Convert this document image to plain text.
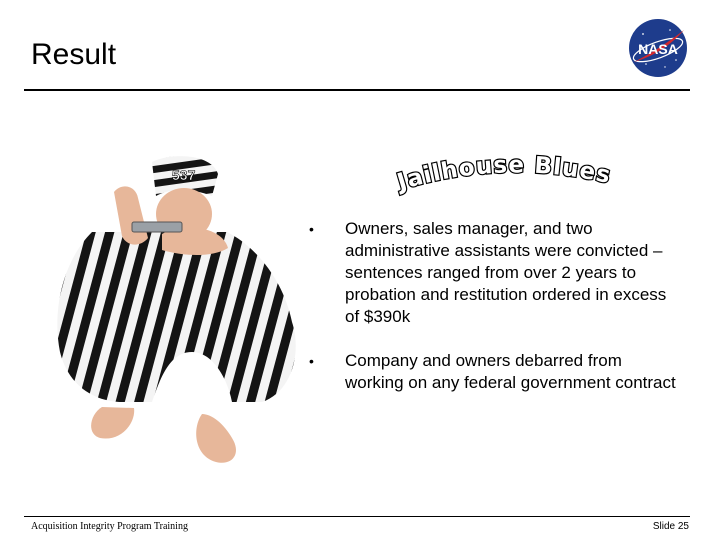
Result	NASA
Jailhouse Blues
537
• Owners, sales manager, and two administrative assistants were convicted – sentences ranged from over 2 years to probation and restitution ordered in excess of $390k
• Company and owners debarred from working on any federal government contract
Acquisition Integrity Program Training	Slide 25
